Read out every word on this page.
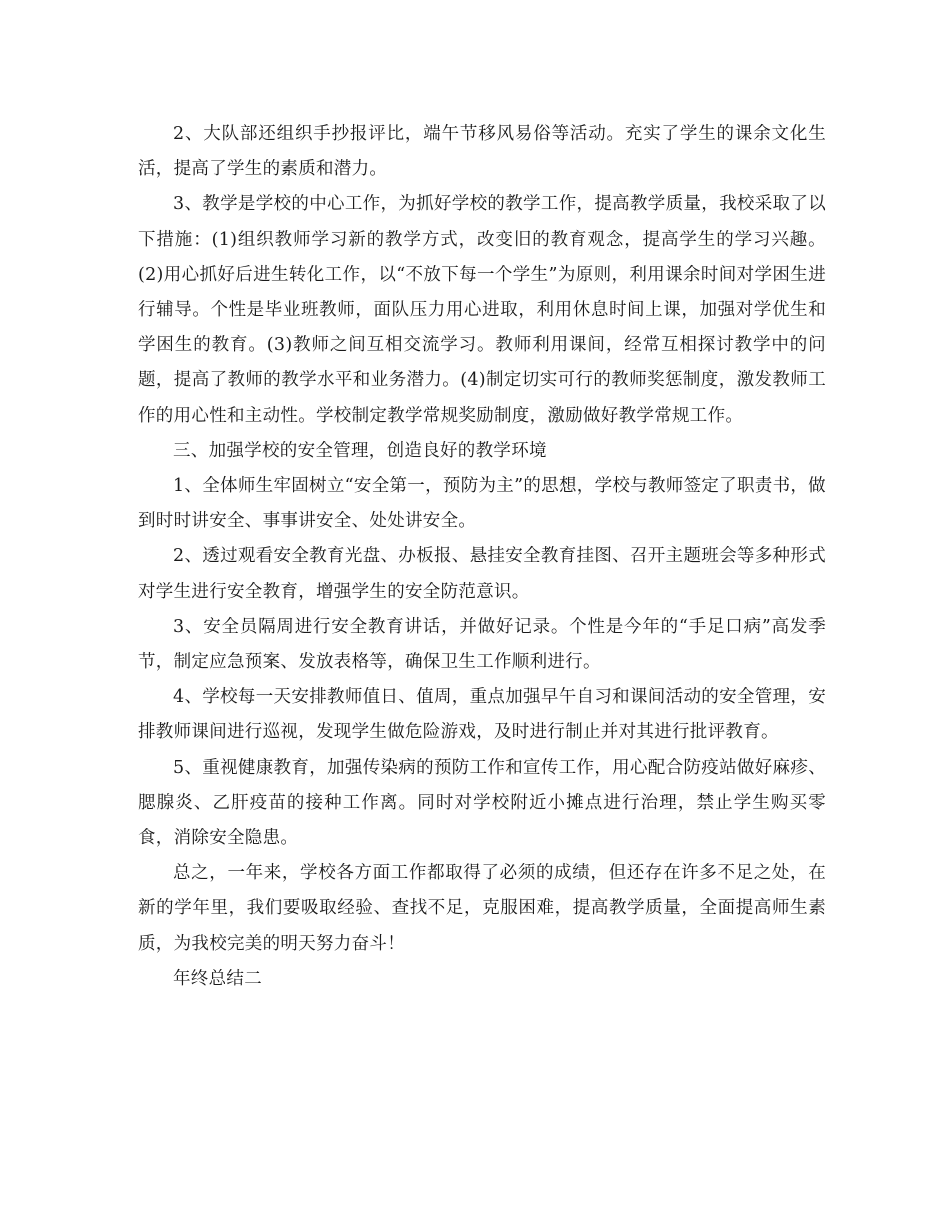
2、大队部还组织手抄报评比，端午节移风易俗等活动。充实了学生的课余文化生活，提高了学生的素质和潜力。

3、教学是学校的中心工作，为抓好学校的教学工作，提高教学质量，我校采取了以下措施：(1)组织教师学习新的教学方式，改变旧的教育观念，提高学生的学习兴趣。(2)用心抓好后进生转化工作，以“不放下每一个学生”为原则，利用课余时间对学困生进行辅导。个性是毕业班教师，面队压力用心进取，利用休息时间上课，加强对学优生和学困生的教育。(3)教师之间互相交流学习。教师利用课间，经常互相探讨教学中的问题，提高了教师的教学水平和业务潜力。(4)制定切实可行的教师奖惩制度，激发教师工作的用心性和主动性。学校制定教学常规奖励制度，激励做好教学常规工作。

三、加强学校的安全管理，创造良好的教学环境

1、全体师生牢固树立“安全第一，预防为主”的思想，学校与教师签定了职责书，做到时时讲安全、事事讲安全、处处讲安全。

2、透过观看安全教育光盘、办板报、悬挂安全教育挂图、召开主题班会等多种形式对学生进行安全教育，增强学生的安全防范意识。

3、安全员隔周进行安全教育讲话，并做好记录。个性是今年的“手足口病”高发季节，制定应急预案、发放表格等，确保卫生工作顺利进行。

4、学校每一天安排教师值日、值周，重点加强早午自习和课间活动的安全管理，安排教师课间进行巡视，发现学生做危险游戏，及时进行制止并对其进行批评教育。

5、重视健康教育，加强传染病的预防工作和宣传工作，用心配合防疫站做好麻疹、腮腺炎、乙肝疫苗的接种工作离。同时对学校附近小摊点进行治理，禁止学生购买零食，消除安全隐患。

总之，一年来，学校各方面工作都取得了必须的成绩，但还存在许多不足之处，在新的学年里，我们要吸取经验、查找不足，克服困难，提高教学质量，全面提高师生素质，为我校完美的明天努力奋斗！

年终总结二
